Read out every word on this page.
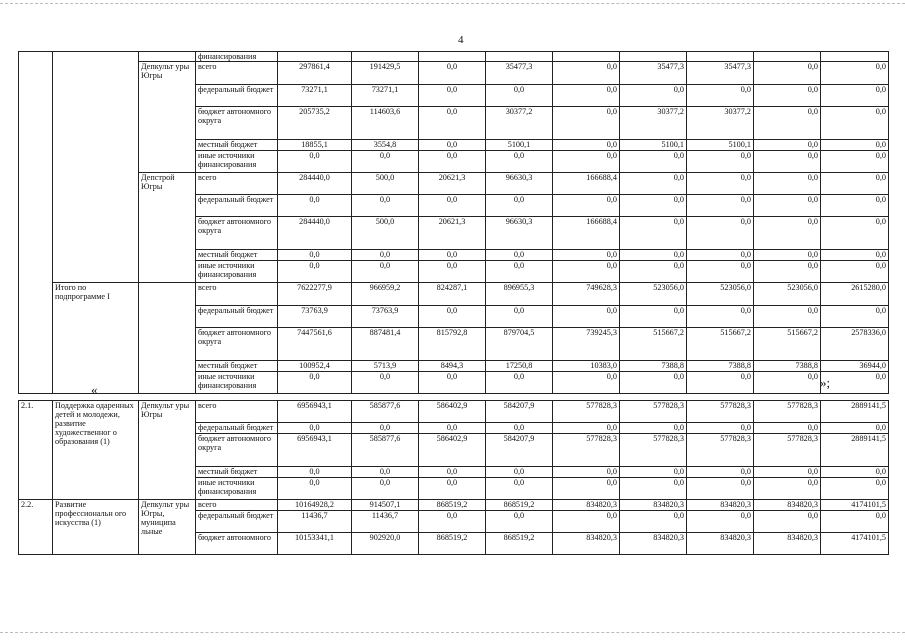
4
			финансирования									
		Депкульт уры Югры	всего	297861,4	191429,5	0,0	35477,3	0,0	35477,3	35477,3	0,0	0,0
			федеральный бюджет	73271,1	73271,1	0,0	0,0	0,0	0,0	0,0	0,0	0,0
			бюджет автономного округа	205735,2	114603,6	0,0	30377,2	0,0	30377,2	30377,2	0,0	0,0
			местный бюджет	18855,1	3554,8	0,0	5100,1	0,0	5100,1	5100,1	0,0	0,0
			иные источники финансирования	0,0	0,0	0,0	0,0	0,0	0,0	0,0	0,0	0,0
		Депстрой Югры	всего	284440,0	500,0	20621,3	96630,3	166688,4	0,0	0,0	0,0	0,0
			федеральный бюджет	0,0	0,0	0,0	0,0	0,0	0,0	0,0	0,0	0,0
			бюджет автономного округа	284440,0	500,0	20621,3	96630,3	166688,4	0,0	0,0	0,0	0,0
			местный бюджет	0,0	0,0	0,0	0,0	0,0	0,0	0,0	0,0	0,0
			иные источники финансирования	0,0	0,0	0,0	0,0	0,0	0,0	0,0	0,0	0,0
	Итого по подпрограмме I		всего	7622277,9	966959,2	824287,1	896955,3	749628,3	523056,0	523056,0	523056,0	2615280,0
			федеральный бюджет	73763,9	73763,9	0,0	0,0	0,0	0,0	0,0	0,0	0,0
			бюджет автономного округа	7447561,6	887481,4	815792,8	879704,5	739245,3	515667,2	515667,2	515667,2	2578336,0
			местный бюджет	100952,4	5713,9	8494,3	17250,8	10383,0	7388,8	7388,8	7388,8	36944,0
			иные источники финансирования	0,0	0,0	0,0	0,0	0,0	0,0	0,0	0,0	0,0
«	»;
2.1.	Поддержка одаренных детей и молодежи, развитие художественног о образования (1)	Депкульт уры Югры	всего	6956943,1	585877,6	586402,9	584207,9	577828,3	577828,3	577828,3	577828,3	2889141,5
			федеральный бюджет	0,0	0,0	0,0	0,0	0,0	0,0	0,0	0,0	0,0
			бюджет автономного округа	6956943,1	585877,6	586402,9	584207,9	577828,3	577828,3	577828,3	577828,3	2889141,5
			местный бюджет	0,0	0,0	0,0	0,0	0,0	0,0	0,0	0,0	0,0
			иные источники финансирования	0,0	0,0	0,0	0,0	0,0	0,0	0,0	0,0	0,0
2.2.	Развитие профессиональн ого искусства (1)	Депкульт уры Югры, муниципа льные	всего	10164928,2	914507,1	868519,2	868519,2	834820,3	834820,3	834820,3	834820,3	4174101,5
			федеральный бюджет	11436,7	11436,7	0,0	0,0	0,0	0,0	0,0	0,0	0,0
			бюджет автономного	10153341,1	902920,0	868519,2	868519,2	834820,3	834820,3	834820,3	834820,3	4174101,5
